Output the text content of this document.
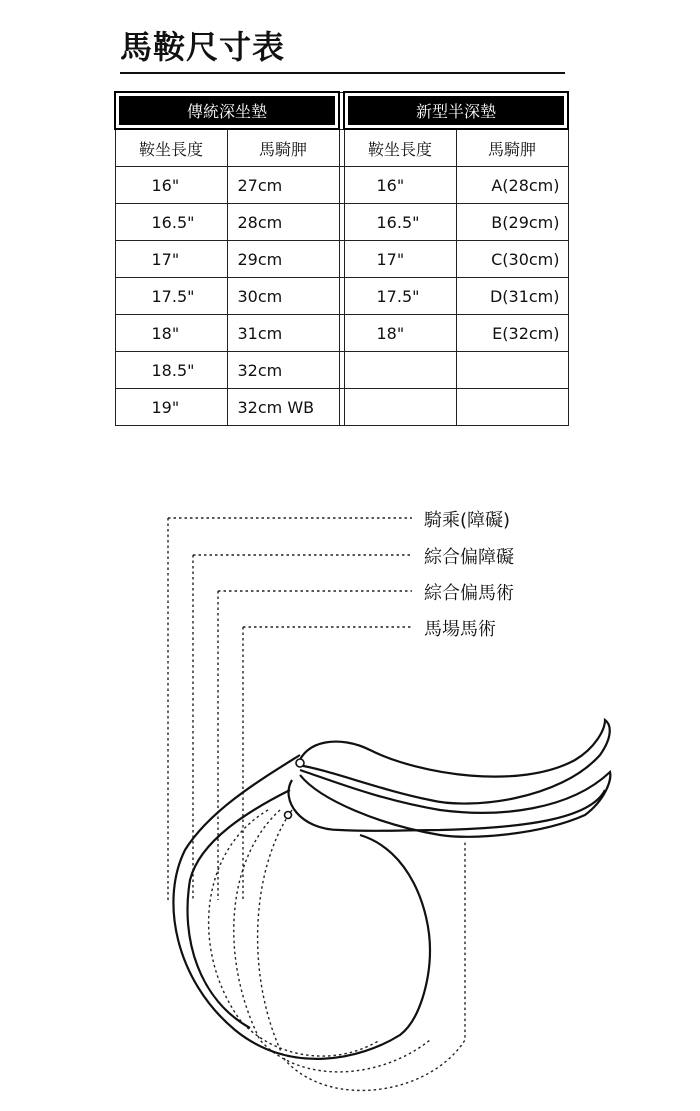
馬鞍尺寸表
傳統深坐墊			新型半深墊	
鞍坐長度	馬騎胛		鞍坐長度	馬騎胛
16"	27cm		16"	A(28cm)
16.5"	28cm		16.5"	B(29cm)
17"	29cm		17"	C(30cm)
17.5"	30cm		17.5"	D(31cm)
18"	31cm		18"	E(32cm)
18.5"	32cm			
19"	32cm WB			
騎乘(障礙)
綜合偏障礙
綜合偏馬術
馬場馬術
